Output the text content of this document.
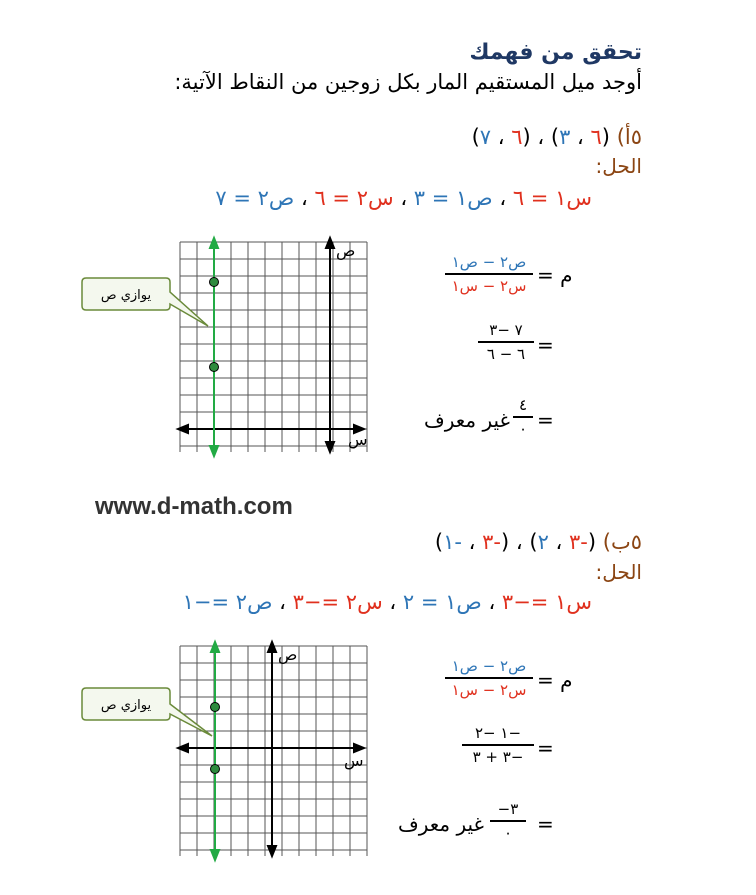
تحقق من فهمك
أوجد ميل المستقيم المار بكل زوجين من النقاط الآتية:
٥أ) (٦ ، ٣) ، (٦ ، ٧)
الحل:
س١ = ٦ ، ص١ = ٣ ، س٢ = ٦ ، ص٢ = ٧
يوازي ص
ص
س
م =
ص٢ − ص١
س٢ − س١
=
٧ −٣
٦ − ٦
=
٤
٠
غير معرف
www.d-math.com
٥ب) (-٣ ، ٢) ، (-٣ ، -١)
الحل:
س١ =−٣ ، ص١ = ٢ ، س٢ =−٣ ، ص٢ =−١
يوازي ص
ص
س
م =
ص٢ − ص١
س٢ − س١
=
−١ −٢
−٣ + ٣
=
−٣
٠
غير معرف
